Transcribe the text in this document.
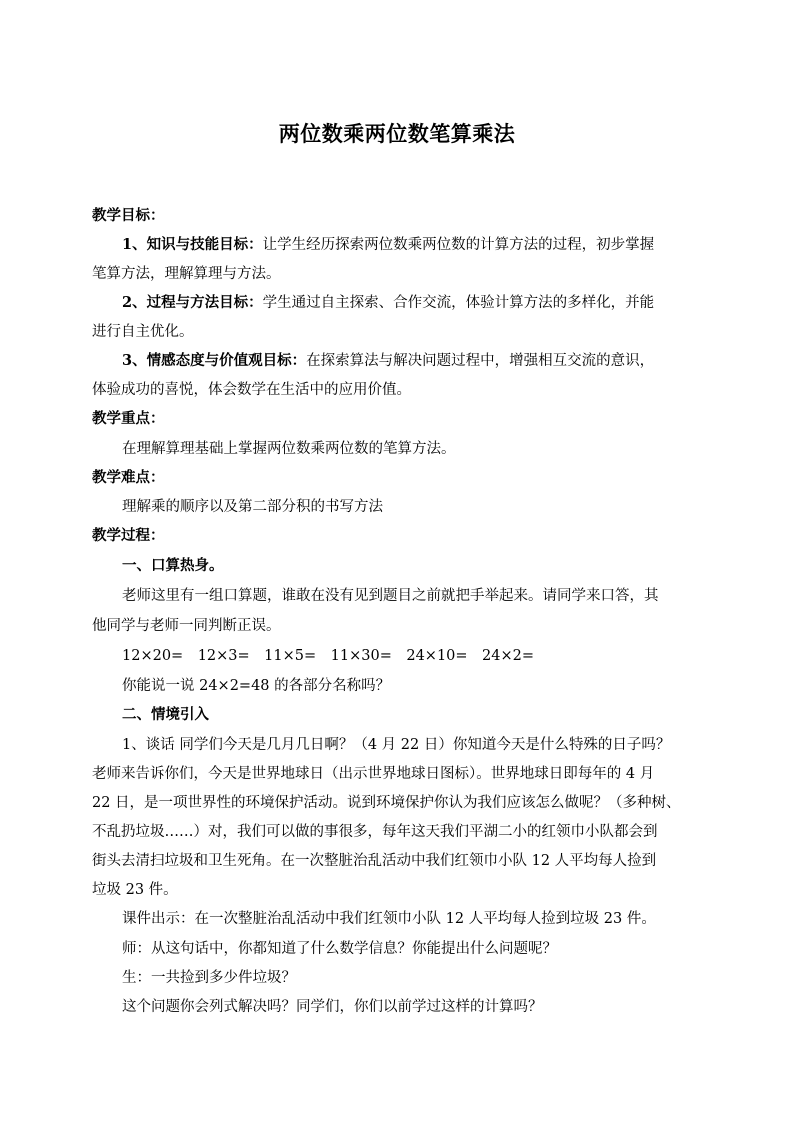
两位数乘两位数笔算乘法
教学目标：
1、知识与技能目标：让学生经历探索两位数乘两位数的计算方法的过程，初步掌握
笔算方法，理解算理与方法。
2、过程与方法目标：学生通过自主探索、合作交流，体验计算方法的多样化，并能
进行自主优化。
3、情感态度与价值观目标：在探索算法与解决问题过程中，增强相互交流的意识，
体验成功的喜悦，体会数学在生活中的应用价值。
教学重点：
在理解算理基础上掌握两位数乘两位数的笔算方法。
教学难点：
理解乘的顺序以及第二部分积的书写方法
教学过程：
一、口算热身。
老师这里有一组口算题，谁敢在没有见到题目之前就把手举起来。请同学来口答，其
他同学与老师一同判断正误。
12×20=　12×3=　11×5=　11×30=　24×10=　24×2=
你能说一说 24×2=48 的各部分名称吗？
二、情境引入
1、谈话 同学们今天是几月几日啊？（4 月 22 日）你知道今天是什么特殊的日子吗？
老师来告诉你们，今天是世界地球日（出示世界地球日图标）。世界地球日即每年的 4 月
22 日，是一项世界性的环境保护活动。说到环境保护你认为我们应该怎么做呢？（多种树、
不乱扔垃圾……）对，我们可以做的事很多，每年这天我们平湖二小的红领巾小队都会到
街头去清扫垃圾和卫生死角。在一次整脏治乱活动中我们红领巾小队 12 人平均每人捡到
垃圾 23 件。
课件出示：在一次整脏治乱活动中我们红领巾小队 12 人平均每人捡到垃圾 23 件。
师：从这句话中，你都知道了什么数学信息？你能提出什么问题呢？
生：一共捡到多少件垃圾？
这个问题你会列式解决吗？同学们，你们以前学过这样的计算吗？
